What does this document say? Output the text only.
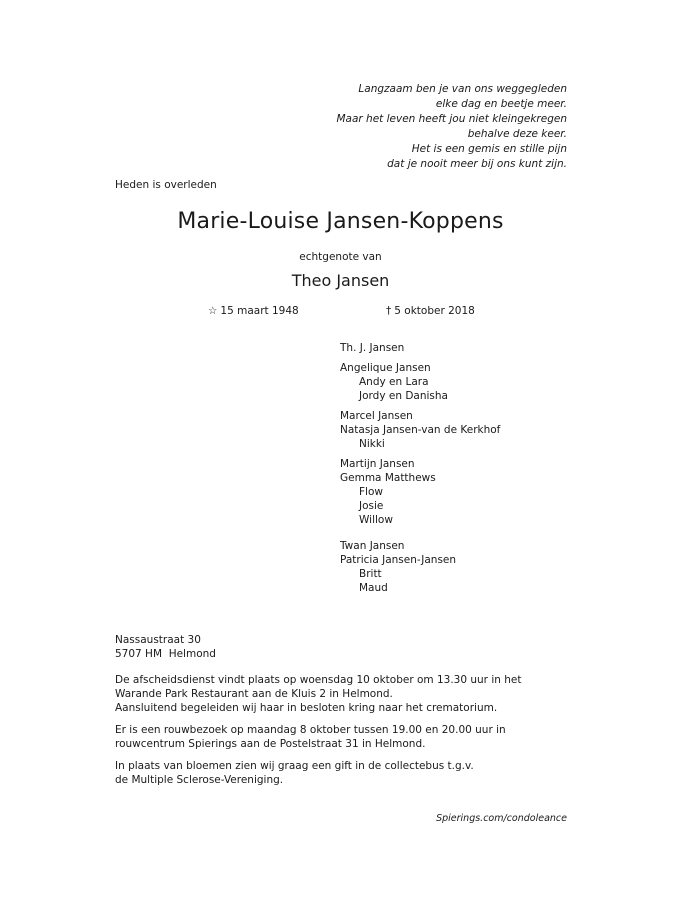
Langzaam ben je van ons weggegleden
elke dag en beetje meer.
Maar het leven heeft jou niet kleingekregen
behalve deze keer.
Het is een gemis en stille pijn
dat je nooit meer bij ons kunt zijn.
Heden is overleden
Marie-Louise Jansen-Koppens
echtgenote van
Theo Jansen
☆ 15 maart 1948	† 5 oktober 2018
Th. J. Jansen
Angelique Jansen
Andy en Lara
Jordy en Danisha
Marcel Jansen
Natasja Jansen-van de Kerkhof
Nikki
Martijn Jansen
Gemma Matthews
Flow
Josie
Willow
Twan Jansen
Patricia Jansen-Jansen
Britt
Maud
Nassaustraat 30
5707 HM Helmond

De afscheidsdienst vindt plaats op woensdag 10 oktober om 13.30 uur in het
Warande Park Restaurant aan de Kluis 2 in Helmond.
Aansluitend begeleiden wij haar in besloten kring naar het crematorium.

Er is een rouwbezoek op maandag 8 oktober tussen 19.00 en 20.00 uur in
rouwcentrum Spierings aan de Postelstraat 31 in Helmond.

In plaats van bloemen zien wij graag een gift in de collectebus t.g.v.
de Multiple Sclerose-Vereniging.

Spierings.com/condoleance
